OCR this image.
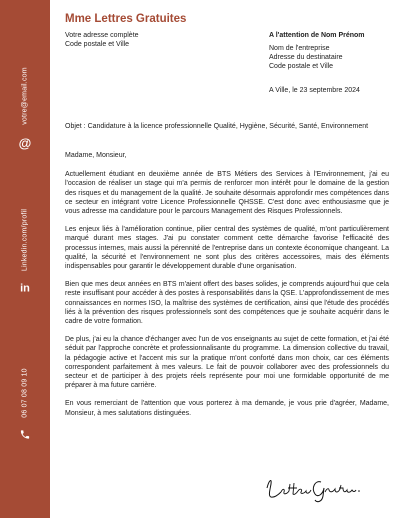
votre@email.com
@
Linkedin.com/profil
in
06 07 08 09 10
Mme Lettres Gratuites
Votre adresse complète
Code postale et Ville
A l'attention de Nom Prénom
Nom de l'entreprise
Adresse du destinataire
Code postale et Ville
A Ville, le 23 septembre 2024
Objet : Candidature à la licence professionnelle Qualité, Hygiène, Sécurité, Santé, Environnement

Madame, Monsieur,

Actuellement étudiant en deuxième année de BTS Métiers des Services à l'Environnement, j'ai eu l'occasion de réaliser un stage qui m'a permis de renforcer mon intérêt pour le domaine de la gestion des risques et du management de la qualité. Je souhaite désormais approfondir mes compétences dans ce secteur en intégrant votre Licence Professionnelle QHSSE. C'est donc avec enthousiasme que je vous adresse ma candidature pour le parcours Management des Risques Professionnels.

Les enjeux liés à l'amélioration continue, pilier central des systèmes de qualité, m'ont particulièrement marqué durant mes stages. J'ai pu constater comment cette démarche favorise l'efficacité des processus internes, mais aussi la pérennité de l'entreprise dans un contexte économique changeant. La qualité, la sécurité et l'environnement ne sont plus des critères accessoires, mais des éléments indispensables pour garantir le développement durable d'une organisation.

Bien que mes deux années en BTS m'aient offert des bases solides, je comprends aujourd'hui que cela reste insuffisant pour accéder à des postes à responsabilités dans la QSE. L'approfondissement de mes connaissances en normes ISO, la maîtrise des systèmes de certification, ainsi que l'étude des procédés liés à la prévention des risques professionnels sont des compétences que je souhaite acquérir dans le cadre de votre formation.

De plus, j'ai eu la chance d'échanger avec l'un de vos enseignants au sujet de cette formation, et j'ai été séduit par l'approche concrète et professionnalisante du programme. La dimension collective du travail, la pédagogie active et l'accent mis sur la pratique m'ont conforté dans mon choix, car ces éléments correspondent parfaitement à mes valeurs. Le fait de pouvoir collaborer avec des professionnels du secteur et de participer à des projets réels représente pour moi une formidable opportunité de me préparer à ma future carrière.

En vous remerciant de l'attention que vous porterez à ma demande, je vous prie d'agréer, Madame, Monsieur, à mes salutations distinguées.
